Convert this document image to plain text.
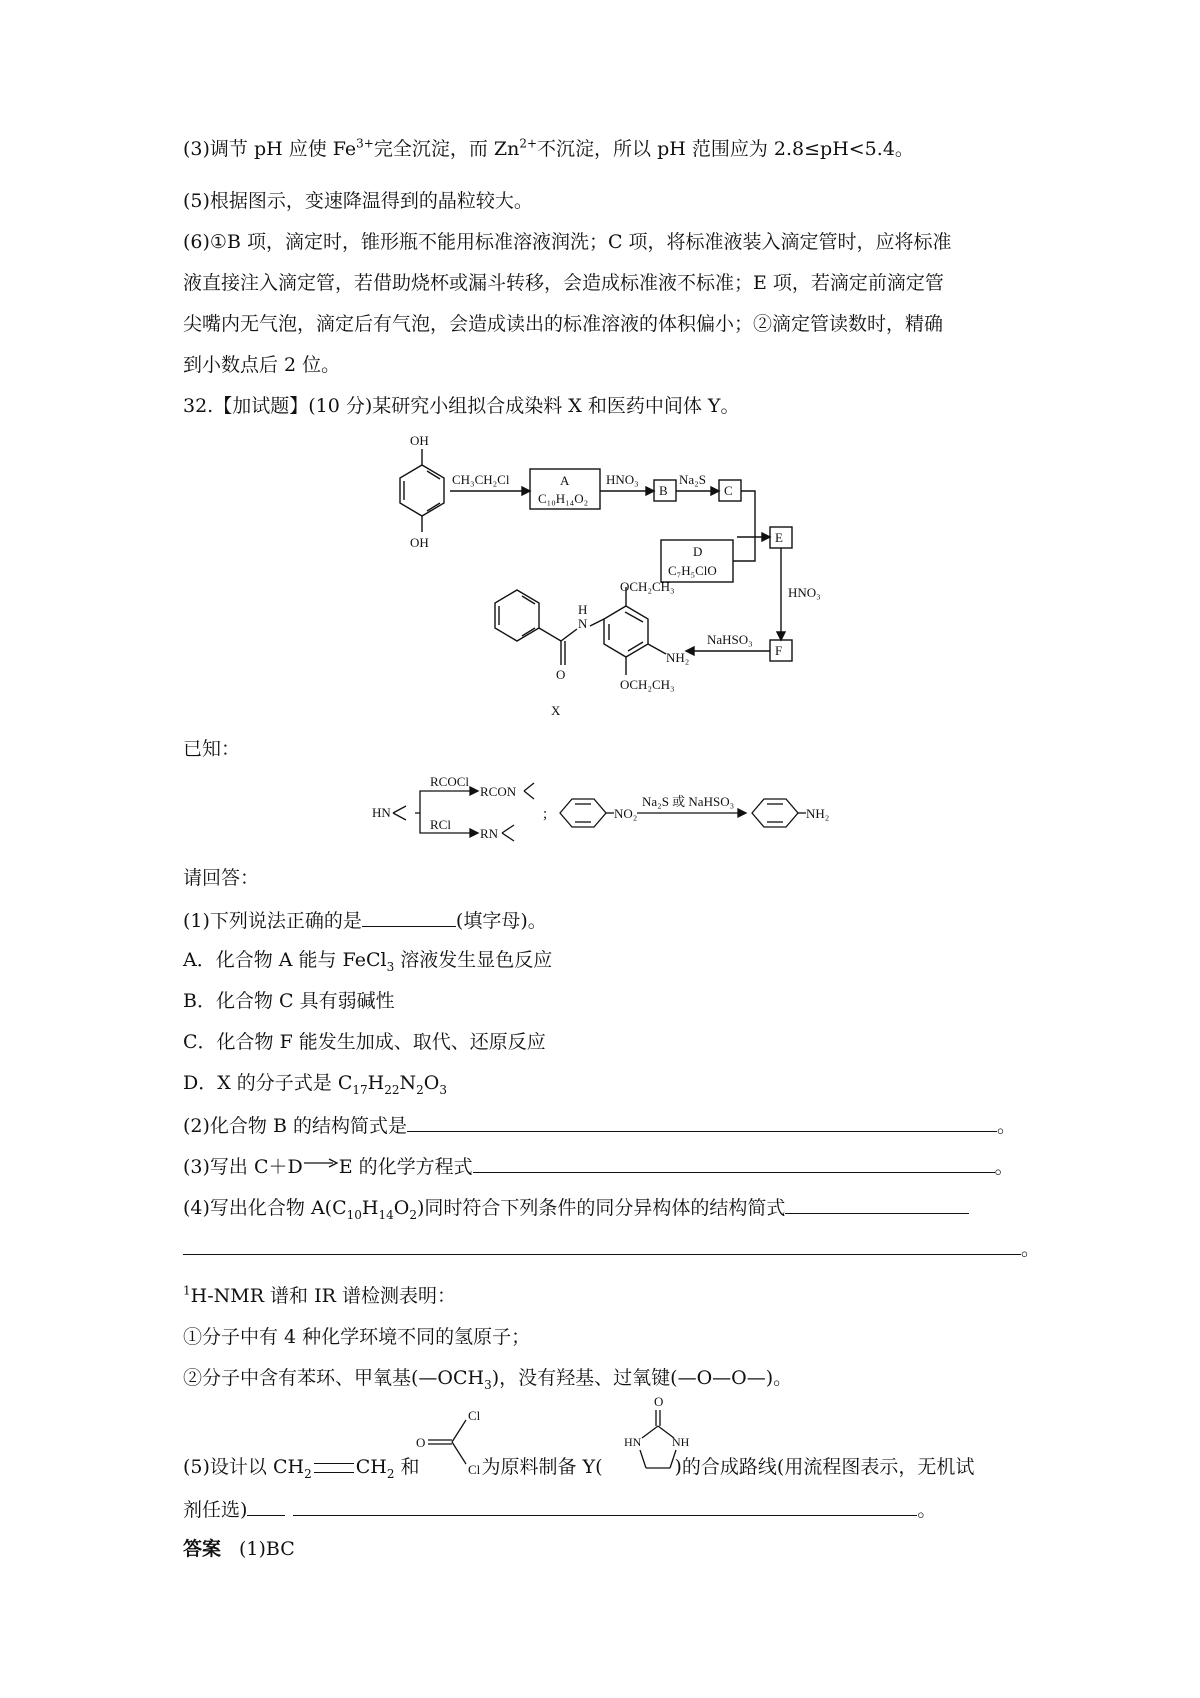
(3)调节 pH 应使 $Fe^{3+}$完全沉淀，而 $Zn^{2+}$不沉淀，所以 pH 范围应为 2.8≤pH<5.4。
(5)根据图示，变速降温得到的晶粒较大。
(6)①B 项，滴定时，锥形瓶不能用标准溶液润洗；C 项，将标准液装入滴定管时，应将标准
液直接注入滴定管，若借助烧杯或漏斗转移，会造成标准液不标准；E 项，若滴定前滴定管
尖嘴内无气泡，滴定后有气泡，会造成读出的标准溶液的体积偏小；②滴定管读数时，精确
到小数点后 2 位。
32.【加试题】(10 分)某研究小组拟合成染料 X 和医药中间体 Y。
OH
OH
CH₃CH₂Cl	A
C₁₀H₁₄O₂
HNO₃
B
Na₂S
C
D
C₇H₅ClO
E
HNO₃
F
NaHSO₃
O
N
H
OCH₂CH₃
NH₂
OCH₂CH₃
X
已知：
HN
RCOCl
RCl
RCON
RN
;	NO₂
Na₂S 或 NaHSO₃
NH₂
请回答：
(1)下列说法正确的是	(填字母)。
A．化合物 A 能与 FeCl$_3$ 溶液发生显色反应
B．化合物 C 具有弱碱性
C．化合物 F 能发生加成、取代、还原反应
D．X 的分子式是 $C_{17}H_{22}N_2O_3$
(2)化合物 B 的结构简式是	。
(3)写出 C＋D→E 的化学方程式	。
(4)写出化合物 $A(C_{10}H_{14}O_2)$同时符合下列条件的同分异构体的结构简式
。
$^1$H-NMR 谱和 IR 谱检测表明：
①分子中有 4 种化学环境不同的氢原子；
②分子中含有苯环、甲氧基$(—OCH_3)$，没有羟基、过氧键(—O—O—)。
O
Cl
Cl
O
HN	NH
(5)设计以 $CH_2$ $CH_2$ 和	为原料制备 Y(	)的合成路线(用流程图表示，无机试
剂任选)	。
答案 (1)BC
